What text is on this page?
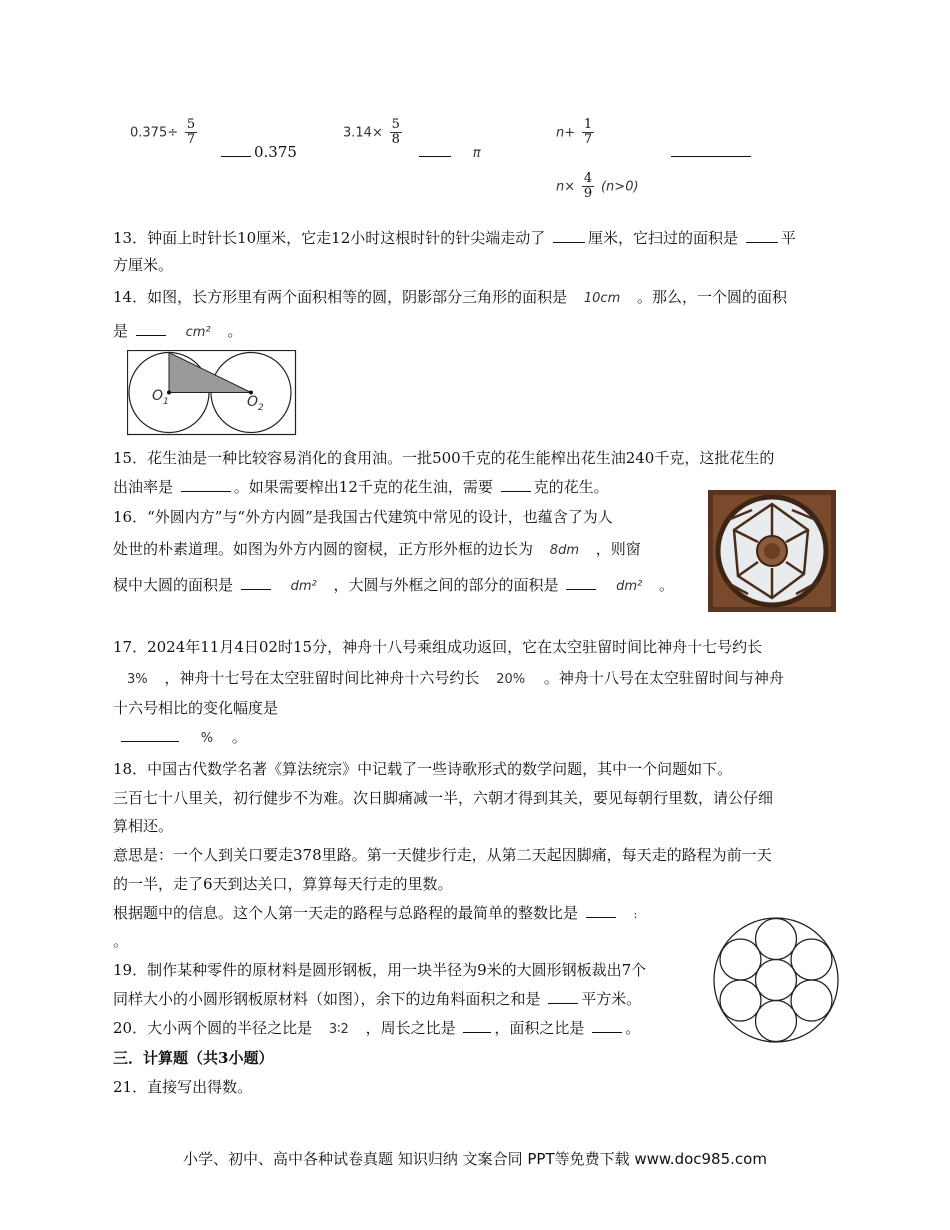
$0.375\div \frac{5}{7}$
0.375
$3.14\times \frac{5}{8}$
π
$n+ \frac{1}{7}$
$n\times \frac{4}{9} (n>0)$
13．钟面上时针长10厘米，它走12小时这根时针的针尖端走动了	厘米，它扫过的面积是	平
方厘米。
14．如图，长方形里有两个面积相等的圆，阴影部分三角形的面积是 10cm 。那么，一个圆的面积
是	cm² 。
$O_1$	$O_2$
15．花生油是一种比较容易消化的食用油。一批500千克的花生能榨出花生油240千克，这批花生的
出油率是	。如果需要榨出12千克的花生油，需要	克的花生。
16．“外圆内方”与“外方内圆”是我国古代建筑中常见的设计，也蕴含了为人
处世的朴素道理。如图为外方内圆的窗棂，正方形外框的边长为 8dm ，则窗
棂中大圆的面积是	dm² ，大圆与外框之间的部分的面积是	dm² 。
17．2024年11月4日02时15分，神舟十八号乘组成功返回，它在太空驻留时间比神舟十七号约长
3% ，神舟十七号在太空驻留时间比神舟十六号约长 20% 。神舟十八号在太空驻留时间与神舟
十六号相比的变化幅度是
% 。
18．中国古代数学名著《算法统宗》中记载了一些诗歌形式的数学问题，其中一个问题如下。
三百七十八里关，初行健步不为难。次日脚痛减一半，六朝才得到其关，要见每朝行里数，请公仔细
算相还。
意思是：一个人到关口要走378里路。第一天健步行走，从第二天起因脚痛，每天走的路程为前一天
的一半，走了6天到达关口，算算每天行走的里数。
根据题中的信息。这个人第一天走的路程与总路程的最简单的整数比是	:
。
19．制作某种零件的原材料是圆形钢板，用一块半径为9米的大圆形钢板裁出7个
同样大小的小圆形钢板原材料（如图），余下的边角料面积之和是	平方米。
20．大小两个圆的半径之比是 3∶2 ，周长之比是	，面积之比是	。
三．计算题（共3小题）
21．直接写出得数。
小学、初中、高中各种试卷真题 知识归纳 文案合同 PPT等免费下载 www.doc985.com
